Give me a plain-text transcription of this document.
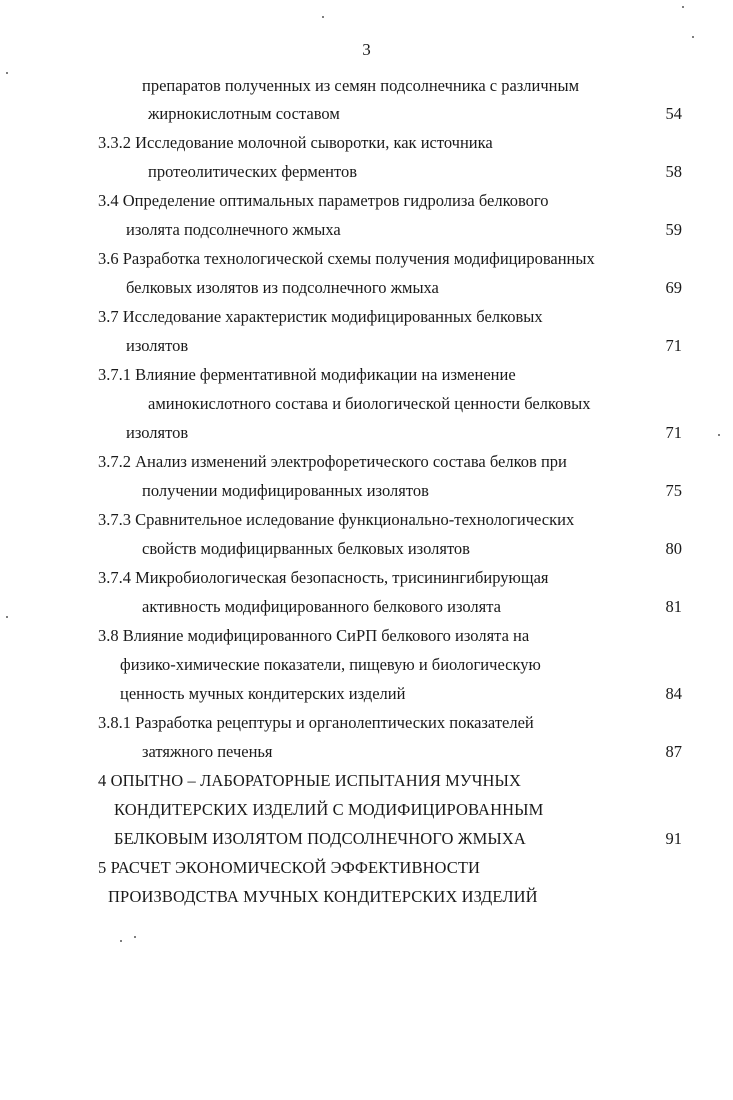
3
препаратов полученных из семян подсолнечника с различным
жирнокислотным составом	54
3.3.2 Исследование молочной сыворотки, как источника
протеолитических ферментов	58
3.4 Определение оптимальных параметров гидролиза белкового
изолята подсолнечного жмыха	59
3.6 Разработка технологической схемы получения модифицированных
белковых изолятов из подсолнечного жмыха	69
3.7 Исследование характеристик модифицированных белковых
изолятов	71
3.7.1 Влияние ферментативной модификации на изменение
аминокислотного состава и биологической ценности белковых
изолятов	71
3.7.2 Анализ изменений электрофоретического состава белков при
получении модифицированных изолятов	75
3.7.3 Сравнительное иследование функционально-технологических
свойств модифицирванных белковых изолятов	80
3.7.4 Микробиологическая безопасность, трисинингибирующая
активность модифицированного белкового изолята	81
3.8 Влияние модифицированного СиРП белкового изолята на
физико-химические показатели, пищевую и биологическую
ценность мучных кондитерских изделий	84
3.8.1 Разработка рецептуры и органолептических показателей
затяжного печенья	87
4 ОПЫТНО – ЛАБОРАТОРНЫЕ ИСПЫТАНИЯ МУЧНЫХ
КОНДИТЕРСКИХ ИЗДЕЛИЙ С МОДИФИЦИРОВАННЫМ
БЕЛКОВЫМ ИЗОЛЯТОМ ПОДСОЛНЕЧНОГО ЖМЫХА	91
5 РАСЧЕТ ЭКОНОМИЧЕСКОЙ ЭФФЕКТИВНОСТИ
ПРОИЗВОДСТВА МУЧНЫХ КОНДИТЕРСКИХ ИЗДЕЛИЙ
